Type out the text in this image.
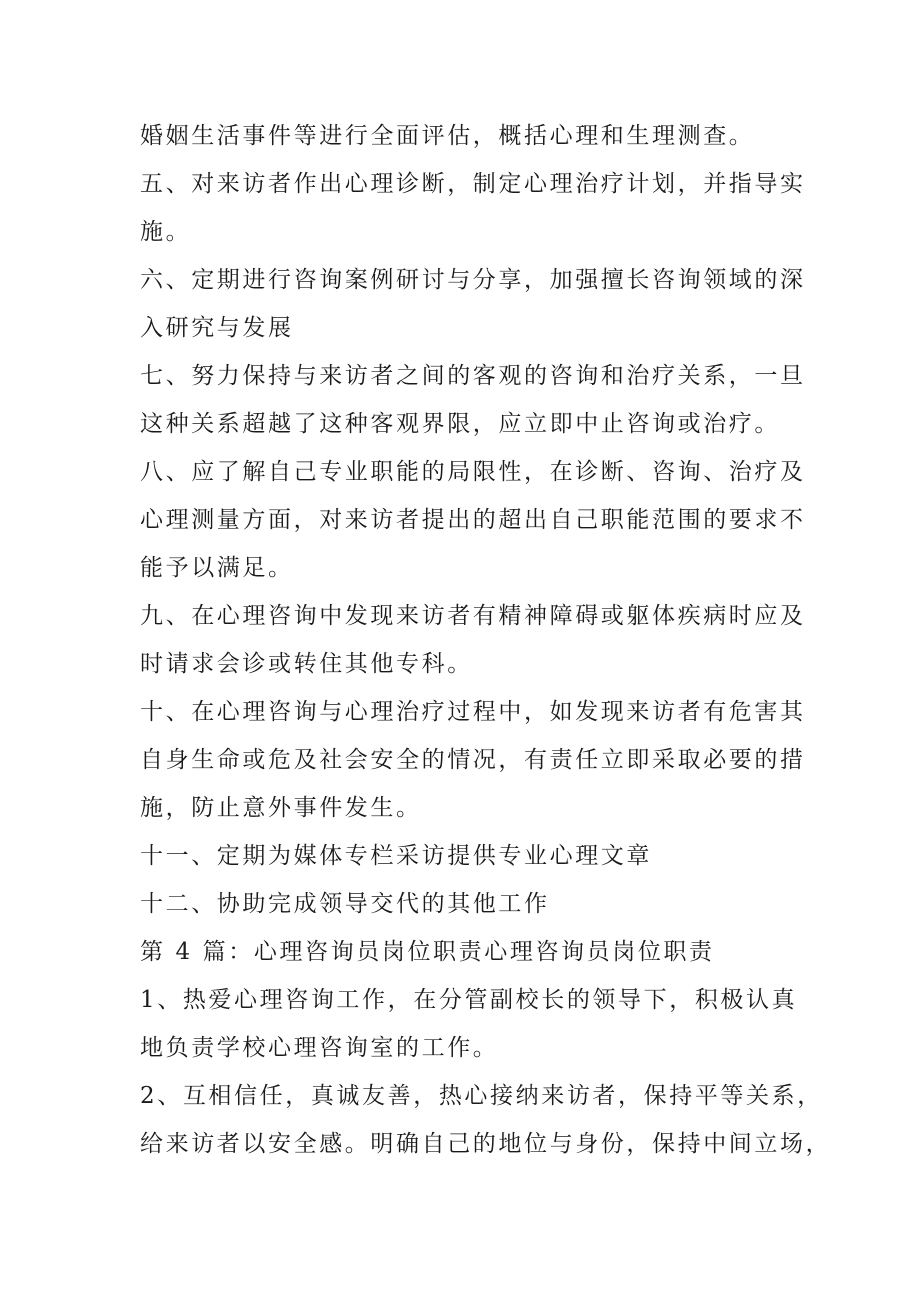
婚姻生活事件等进行全面评估，概括心理和生理测查。
五、对来访者作出心理诊断，制定心理治疗计划，并指导实
施。
六、定期进行咨询案例研讨与分享，加强擅长咨询领域的深
入研究与发展
七、努力保持与来访者之间的客观的咨询和治疗关系，一旦
这种关系超越了这种客观界限，应立即中止咨询或治疗。
八、应了解自己专业职能的局限性，在诊断、咨询、治疗及
心理测量方面，对来访者提出的超出自己职能范围的要求不
能予以满足。
九、在心理咨询中发现来访者有精神障碍或躯体疾病时应及
时请求会诊或转住其他专科。
十、在心理咨询与心理治疗过程中，如发现来访者有危害其
自身生命或危及社会安全的情况，有责任立即采取必要的措
施，防止意外事件发生。
十一、定期为媒体专栏采访提供专业心理文章
十二、协助完成领导交代的其他工作
第 4 篇：心理咨询员岗位职责心理咨询员岗位职责
1、热爱心理咨询工作，在分管副校长的领导下，积极认真
地负责学校心理咨询室的工作。
2、互相信任，真诚友善，热心接纳来访者，保持平等关系，
给来访者以安全感。明确自己的地位与身份，保持中间立场，
